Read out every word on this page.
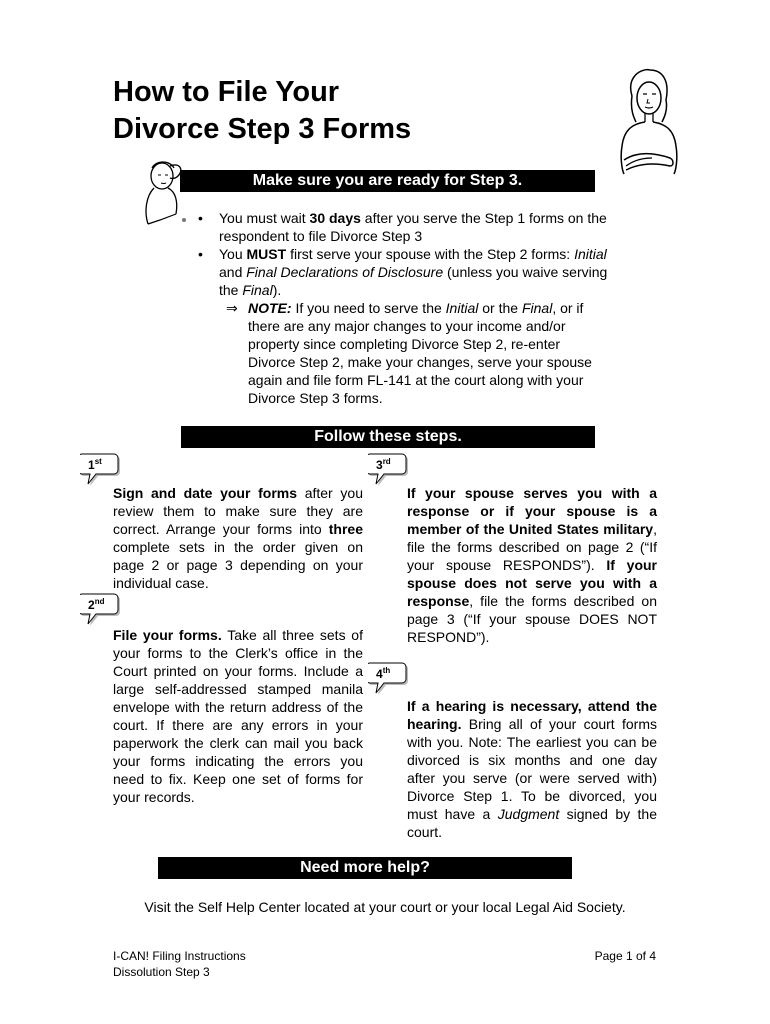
How to File Your
Divorce Step 3 Forms
Make sure you are ready for Step 3.
• You must wait 30 days after you serve the Step 1 forms on the respondent to file Divorce Step 3
• You MUST first serve your spouse with the Step 2 forms: Initial and Final Declarations of Disclosure (unless you waive serving the Final).
⇒ NOTE: If you need to serve the Initial or the Final, or if there are any major changes to your income and/or property since completing Divorce Step 2, re-enter Divorce Step 2, make your changes, serve your spouse again and file form FL-141 at the court along with your Divorce Step 3 forms.
Follow these steps.
1st
2nd
3rd
4th

Sign and date your forms after you review them to make sure they are correct. Arrange your forms into three complete sets in the order given on page 2 or page 3 depending on your individual case.

File your forms. Take all three sets of your forms to the Clerk’s office in the Court printed on your forms. Include a large self-addressed stamped manila envelope with the return address of the court. If there are any errors in your paperwork the clerk can mail you back your forms indicating the errors you need to fix. Keep one set of forms for your records.

If your spouse serves you with a response or if your spouse is a member of the United States military, file the forms described on page 2 (“If your spouse RESPONDS”). If your spouse does not serve you with a response, file the forms described on page 3 (“If your spouse DOES NOT RESPOND”).

If a hearing is necessary, attend the hearing. Bring all of your court forms with you. Note: The earliest you can be divorced is six months and one day after you serve (or were served with) Divorce Step 1. To be divorced, you must have a Judgment signed by the court.

Need more help?
Visit the Self Help Center located at your court or your local Legal Aid Society.
I-CAN! Filing Instructions
Dissolution Step 3
Page 1 of 4
